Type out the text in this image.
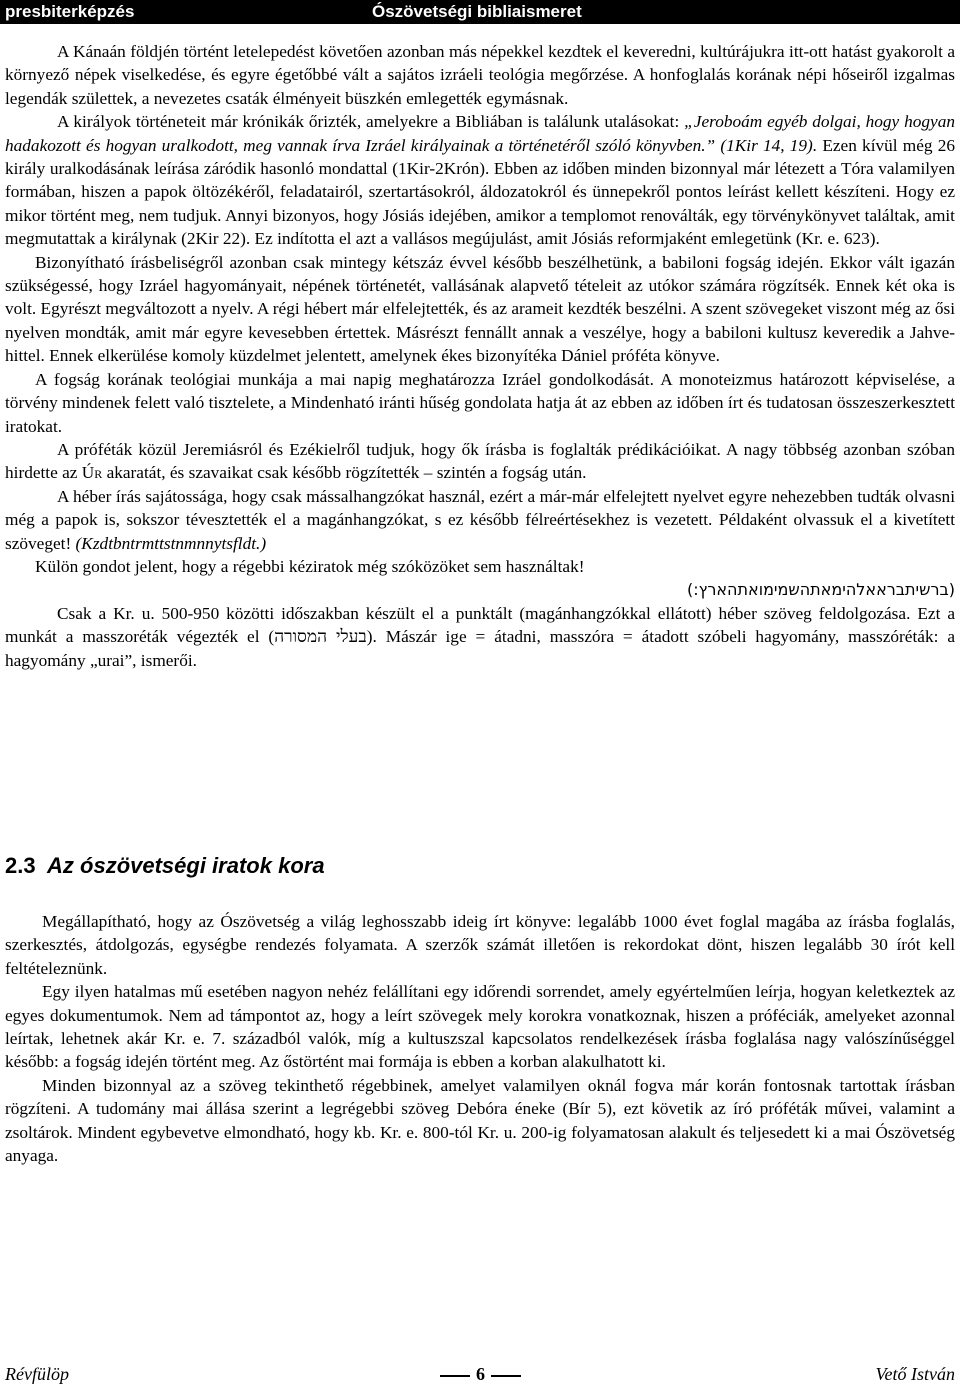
presbiterképzés	Ószövetségi bibliaismeret

A Kánaán földjén történt letelepedést követően azonban más népekkel kezdtek el keveredni, kultúrájukra itt-ott hatást gyakorolt a környező népek viselkedése, és egyre égetőbbé vált a sajátos izráeli teológia megőrzése. A honfoglalás korának népi hőseiről izgalmas legendák születtek, a nevezetes csaták élményeit büszkén emlegették egymásnak.

A királyok történeteit már krónikák őrizték, amelyekre a Bibliában is találunk utalásokat: „Jeroboám egyéb dolgai, hogy hogyan hadakozott és hogyan uralkodott, meg vannak írva Izráel királyainak a történetéről szóló könyvben.” (1Kir 14, 19). Ezen kívül még 26 király uralkodásának leírása záródik hasonló mondattal (1Kir-2Krón). Ebben az időben minden bizonnyal már létezett a Tóra valamilyen formában, hiszen a papok öltözékéről, feladatairól, szertartásokról, áldozatokról és ünnepekről pontos leírást kellett készíteni. Hogy ez mikor történt meg, nem tudjuk. Annyi bizonyos, hogy Jósiás idejében, amikor a templomot renoválták, egy törvénykönyvet találtak, amit megmutattak a királynak (2Kir 22). Ez indította el azt a vallásos megújulást, amit Jósiás reformjaként emlegetünk (Kr. e. 623).

Bizonyítható írásbeliségről azonban csak mintegy kétszáz évvel később beszélhetünk, a babiloni fogság idején. Ekkor vált igazán szükségessé, hogy Izráel hagyományait, népének történetét, vallásának alapvető tételeit az utókor számára rögzítsék. Ennek két oka is volt. Egyrészt megváltozott a nyelv. A régi hébert már elfelejtették, és az arameit kezdték beszélni. A szent szövegeket viszont még az ősi nyelven mondták, amit már egyre kevesebben értettek. Másrészt fennállt annak a veszélye, hogy a babiloni kultusz keveredik a Jahve-hittel. Ennek elkerülése komoly küzdelmet jelentett, amelynek ékes bizonyítéka Dániel próféta könyve.

A fogság korának teológiai munkája a mai napig meghatározza Izráel gondolkodását. A monoteizmus határozott képviselése, a törvény mindenek felett való tisztelete, a Mindenható iránti hűség gondolata hatja át az ebben az időben írt és tudatosan összeszerkesztett iratokat.

A próféták közül Jeremiásról és Ezékielről tudjuk, hogy ők írásba is foglalták prédikációikat. A nagy többség azonban szóban hirdette az Úr akaratát, és szavaikat csak később rögzítették – szintén a fogság után.

A héber írás sajátossága, hogy csak mássalhangzókat használ, ezért a már-már elfelejtett nyelvet egyre nehezebben tudták olvasni még a papok is, sokszor tévesztették el a magánhangzókat, s ez később félreértésekhez is vezetett. Példaként olvassuk el a kivetített szöveget! (Kzdtbntrmttstnmnnytsfldt.)

Külön gondot jelent, hogy a régebbi kéziratok még szóközöket sem használtak!

(ברשיתבראאלהימאתהשמימואתהארץ:)

Csak a Kr. u. 500-950 közötti időszakban készült el a punktált (magánhangzókkal ellátott) héber szöveg feldolgozása. Ezt a munkát a masszoréták végezték el (בעלי המסורה). Mászár ige = átadni, masszóra = átadott szóbeli hagyomány, masszóréták: a hagyomány „urai”, ismerői.

2.3 Az ószövetségi iratok kora

Megállapítható, hogy az Ószövetség a világ leghosszabb ideig írt könyve: legalább 1000 évet foglal magába az írásba foglalás, szerkesztés, átdolgozás, egységbe rendezés folyamata. A szerzők számát illetően is rekordokat dönt, hiszen legalább 30 írót kell feltételeznünk.

Egy ilyen hatalmas mű esetében nagyon nehéz felállítani egy időrendi sorrendet, amely egyértelműen leírja, hogyan keletkeztek az egyes dokumentumok. Nem ad támpontot az, hogy a leírt szövegek mely korokra vonatkoznak, hiszen a próféciák, amelyeket azonnal leírtak, lehetnek akár Kr. e. 7. századból valók, míg a kultuszszal kapcsolatos rendelkezések írásba foglalása nagy valószínűséggel később: a fogság idején történt meg. Az őstörtént mai formája is ebben a korban alakulhatott ki.

Minden bizonnyal az a szöveg tekinthető régebbinek, amelyet valamilyen oknál fogva már korán fontosnak tartottak írásban rögzíteni. A tudomány mai állása szerint a legrégebbi szöveg Debóra éneke (Bír 5), ezt követik az író próféták művei, valamint a zsoltárok. Mindent egybevetve elmondható, hogy kb. Kr. e. 800-tól Kr. u. 200-ig folyamatosan alakult és teljesedett ki a mai Ószövetség anyaga.

Révfülöp	6	Vető István
